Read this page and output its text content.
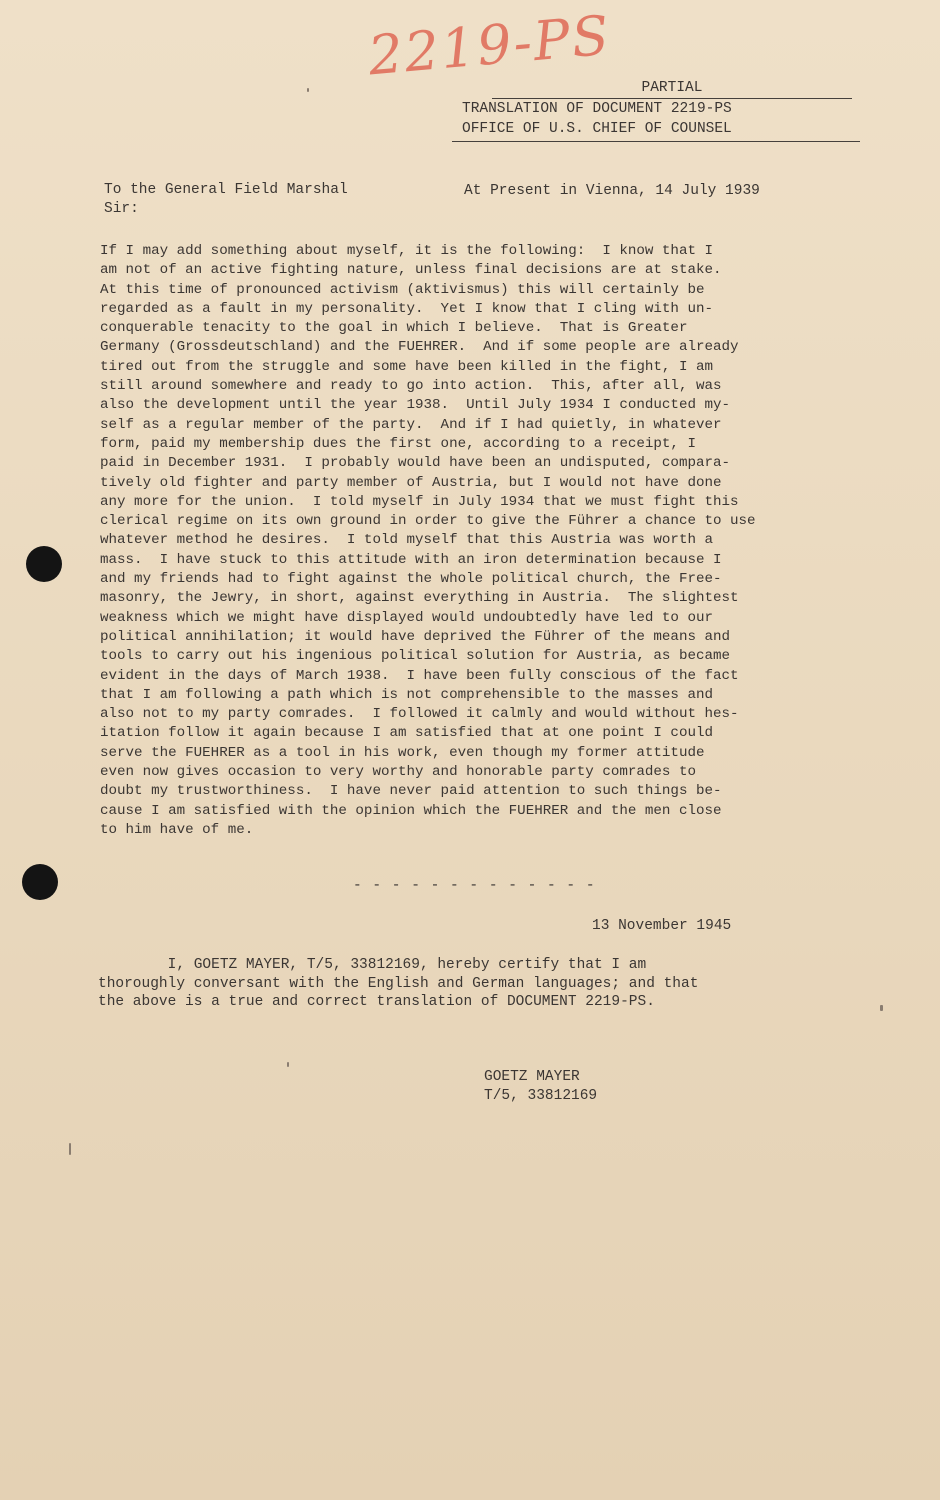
2219-PS
PARTIAL
TRANSLATION OF DOCUMENT 2219-PS
OFFICE OF U.S. CHIEF OF COUNSEL
To the General Field Marshal
Sir:
At Present in Vienna, 14 July 1939
If I may add something about myself, it is the following:  I know that I
am not of an active fighting nature, unless final decisions are at stake.
At this time of pronounced activism (aktivismus) this will certainly be
regarded as a fault in my personality.  Yet I know that I cling with un-
conquerable tenacity to the goal in which I believe.  That is Greater
Germany (Grossdeutschland) and the FUEHRER.  And if some people are already
tired out from the struggle and some have been killed in the fight, I am
still around somewhere and ready to go into action.  This, after all, was
also the development until the year 1938.  Until July 1934 I conducted my-
self as a regular member of the party.  And if I had quietly, in whatever
form, paid my membership dues the first one, according to a receipt, I
paid in December 1931.  I probably would have been an undisputed, compara-
tively old fighter and party member of Austria, but I would not have done
any more for the union.  I told myself in July 1934 that we must fight this
clerical regime on its own ground in order to give the Führer a chance to use
whatever method he desires.  I told myself that this Austria was worth a
mass.  I have stuck to this attitude with an iron determination because I
and my friends had to fight against the whole political church, the Free-
masonry, the Jewry, in short, against everything in Austria.  The slightest
weakness which we might have displayed would undoubtedly have led to our
political annihilation; it would have deprived the Führer of the means and
tools to carry out his ingenious political solution for Austria, as became
evident in the days of March 1938.  I have been fully conscious of the fact
that I am following a path which is not comprehensible to the masses and
also not to my party comrades.  I followed it calmly and would without hes-
itation follow it again because I am satisfied that at one point I could
serve the FUEHRER as a tool in his work, even though my former attitude
even now gives occasion to very worthy and honorable party comrades to
doubt my trustworthiness.  I have never paid attention to such things be-
cause I am satisfied with the opinion which the FUEHRER and the men close
to him have of me.
- - - - - - - - - - - - -
13 November 1945
I, GOETZ MAYER, T/5, 33812169, hereby certify that I am
thoroughly conversant with the English and German languages; and that
the above is a true and correct translation of DOCUMENT 2219-PS.
GOETZ MAYER
T/5, 33812169
